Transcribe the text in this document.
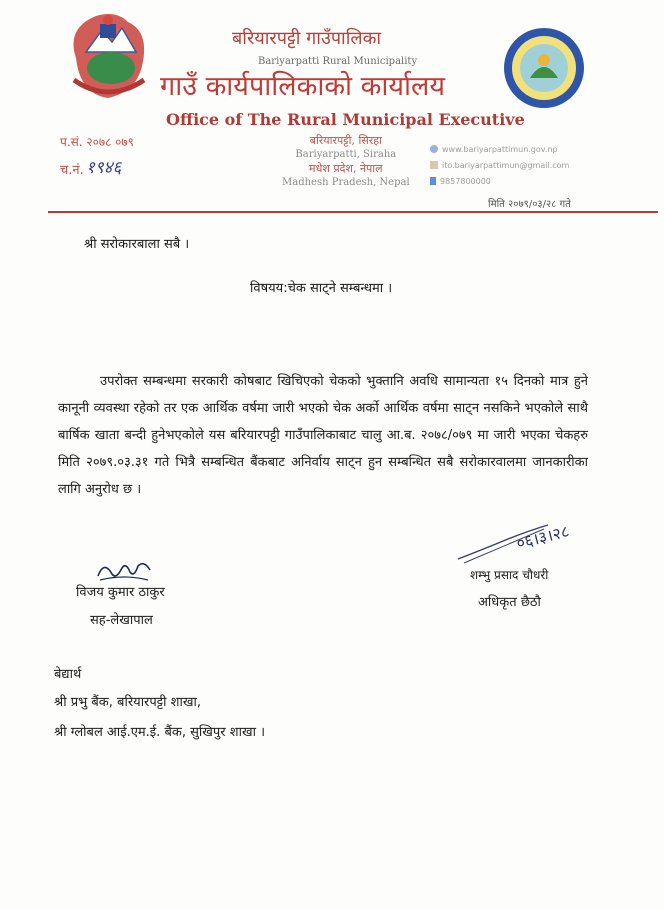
बरियारपट्टी गाउँपालिका
Bariyarpatti Rural Municipality
गाउँ कार्यपालिकाको कार्यालय
Office of The Rural Municipal Executive
प.सं. २०७८ ०७९
च.नं. १९४६
बरियारपट्टी, सिरहा
Bariyarpatti, Siraha
मधेश प्रदेश, नेपाल
Madhesh Pradesh, Nepal
www.bariyarpattimun.gov.np
ito.bariyarpattimun@gmail.com
9857800000
मिति २०७९/०३/२८ गते
श्री सरोकारबाला सबै ।
विषयय:चेक साट्ने सम्बन्धमा ।
उपरोक्त सम्बन्धमा सरकारी कोषबाट खिचिएको चेकको भुक्तानि अवधि सामान्यता १५ दिनको मात्र हुने कानूनी व्यवस्था रहेको तर एक आर्थिक वर्षमा जारी भएको चेक अर्को आर्थिक वर्षमा साट्न नसकिने भएकोले साथै बार्षिक खाता बन्दी हुनेभएकोले यस बरियारपट्टी गाउँपालिकाबाट चालु आ.ब. २०७८/०७९ मा जारी भएका चेकहरु मिति २०७९.०३.३१ गते भित्रै सम्बन्धित बैंकबाट अनिर्वाय साट्न हुन सम्बन्धित सबै सरोकारवालमा जानकारीका लागि अनुरोध छ ।
विजय कुमार ठाकुर
सह-लेखापाल
०६।३।२८
शम्भु प्रसाद चौधरी
अधिकृत छैठौ
बेद्यार्थ
श्री प्रभु बैंक, बरियारपट्टी शाखा,
श्री ग्लोबल आई.एम.ई. बैंक, सुखिपुर शाखा ।
